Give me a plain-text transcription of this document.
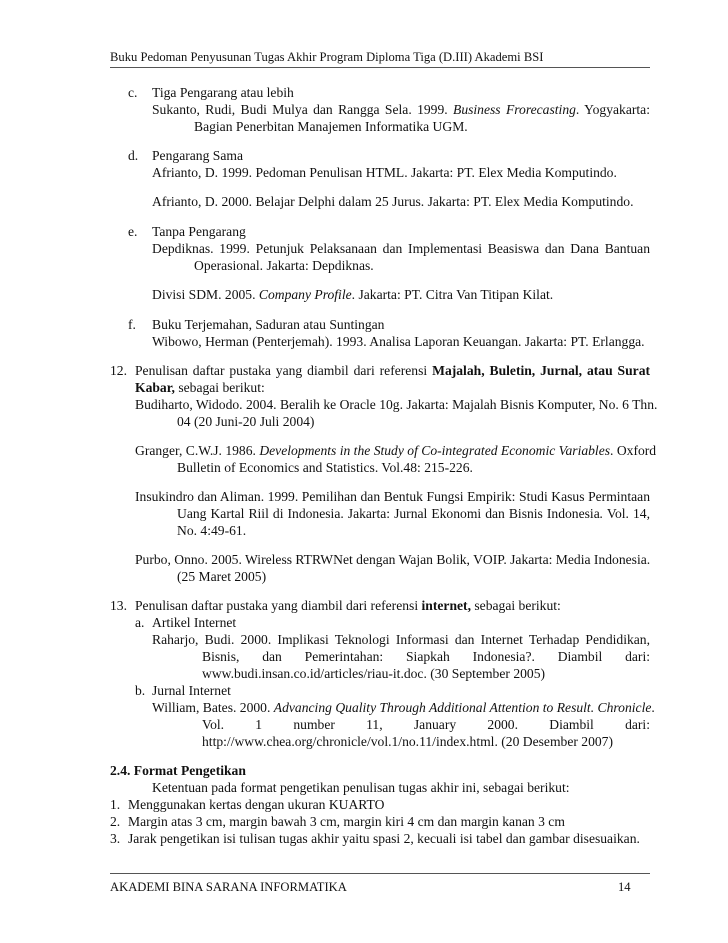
Buku Pedoman Penyusunan Tugas Akhir Program Diploma Tiga (D.III) Akademi BSI
c. Tiga Pengarang atau lebih
Sukanto, Rudi, Budi Mulya dan Rangga Sela. 1999. Business Frorecasting. Yogyakarta:
Bagian Penerbitan Manajemen Informatika UGM.
d. Pengarang Sama
Afrianto, D. 1999. Pedoman Penulisan HTML. Jakarta: PT. Elex Media Komputindo.
Afrianto, D. 2000. Belajar Delphi dalam 25 Jurus. Jakarta: PT. Elex Media Komputindo.
e. Tanpa Pengarang
Depdiknas. 1999. Petunjuk Pelaksanaan dan Implementasi Beasiswa dan Dana Bantuan
Operasional. Jakarta: Depdiknas.
Divisi SDM. 2005. Company Profile. Jakarta: PT. Citra Van Titipan Kilat.
f. Buku Terjemahan, Saduran atau Suntingan
Wibowo, Herman (Penterjemah). 1993. Analisa Laporan Keuangan. Jakarta: PT. Erlangga.
12. Penulisan daftar pustaka yang diambil dari referensi Majalah, Buletin, Jurnal, atau Surat
Kabar, sebagai berikut:
Budiharto, Widodo. 2004. Beralih ke Oracle 10g. Jakarta: Majalah Bisnis Komputer, No. 6 Thn.
04 (20 Juni-20 Juli 2004)
Granger, C.W.J. 1986. Developments in the Study of Co-integrated Economic Variables. Oxford
Bulletin of Economics and Statistics. Vol.48: 215-226.
Insukindro dan Aliman. 1999. Pemilihan dan Bentuk Fungsi Empirik: Studi Kasus Permintaan
Uang Kartal Riil di Indonesia. Jakarta: Jurnal Ekonomi dan Bisnis Indonesia. Vol. 14,
No. 4:49-61.
Purbo, Onno. 2005. Wireless RTRWNet dengan Wajan Bolik, VOIP. Jakarta: Media Indonesia.
(25 Maret 2005)
13. Penulisan daftar pustaka yang diambil dari referensi internet, sebagai berikut:
a. Artikel Internet
Raharjo, Budi. 2000. Implikasi Teknologi Informasi dan Internet Terhadap Pendidikan,
Bisnis, dan Pemerintahan: Siapkah Indonesia?. Diambil dari:
www.budi.insan.co.id/articles/riau-it.doc. (30 September 2005)
b. Jurnal Internet
William, Bates. 2000. Advancing Quality Through Additional Attention to Result. Chronicle.
Vol. 1 number 11, January 2000. Diambil dari:
http://www.chea.org/chronicle/vol.1/no.11/index.html. (20 Desember 2007)
2.4. Format Pengetikan
Ketentuan pada format pengetikan penulisan tugas akhir ini, sebagai berikut:
1. Menggunakan kertas dengan ukuran KUARTO
2. Margin atas 3 cm, margin bawah 3 cm, margin kiri 4 cm dan margin kanan 3 cm
3. Jarak pengetikan isi tulisan tugas akhir yaitu spasi 2, kecuali isi tabel dan gambar disesuaikan.
AKADEMI BINA SARANA INFORMATIKA	14
